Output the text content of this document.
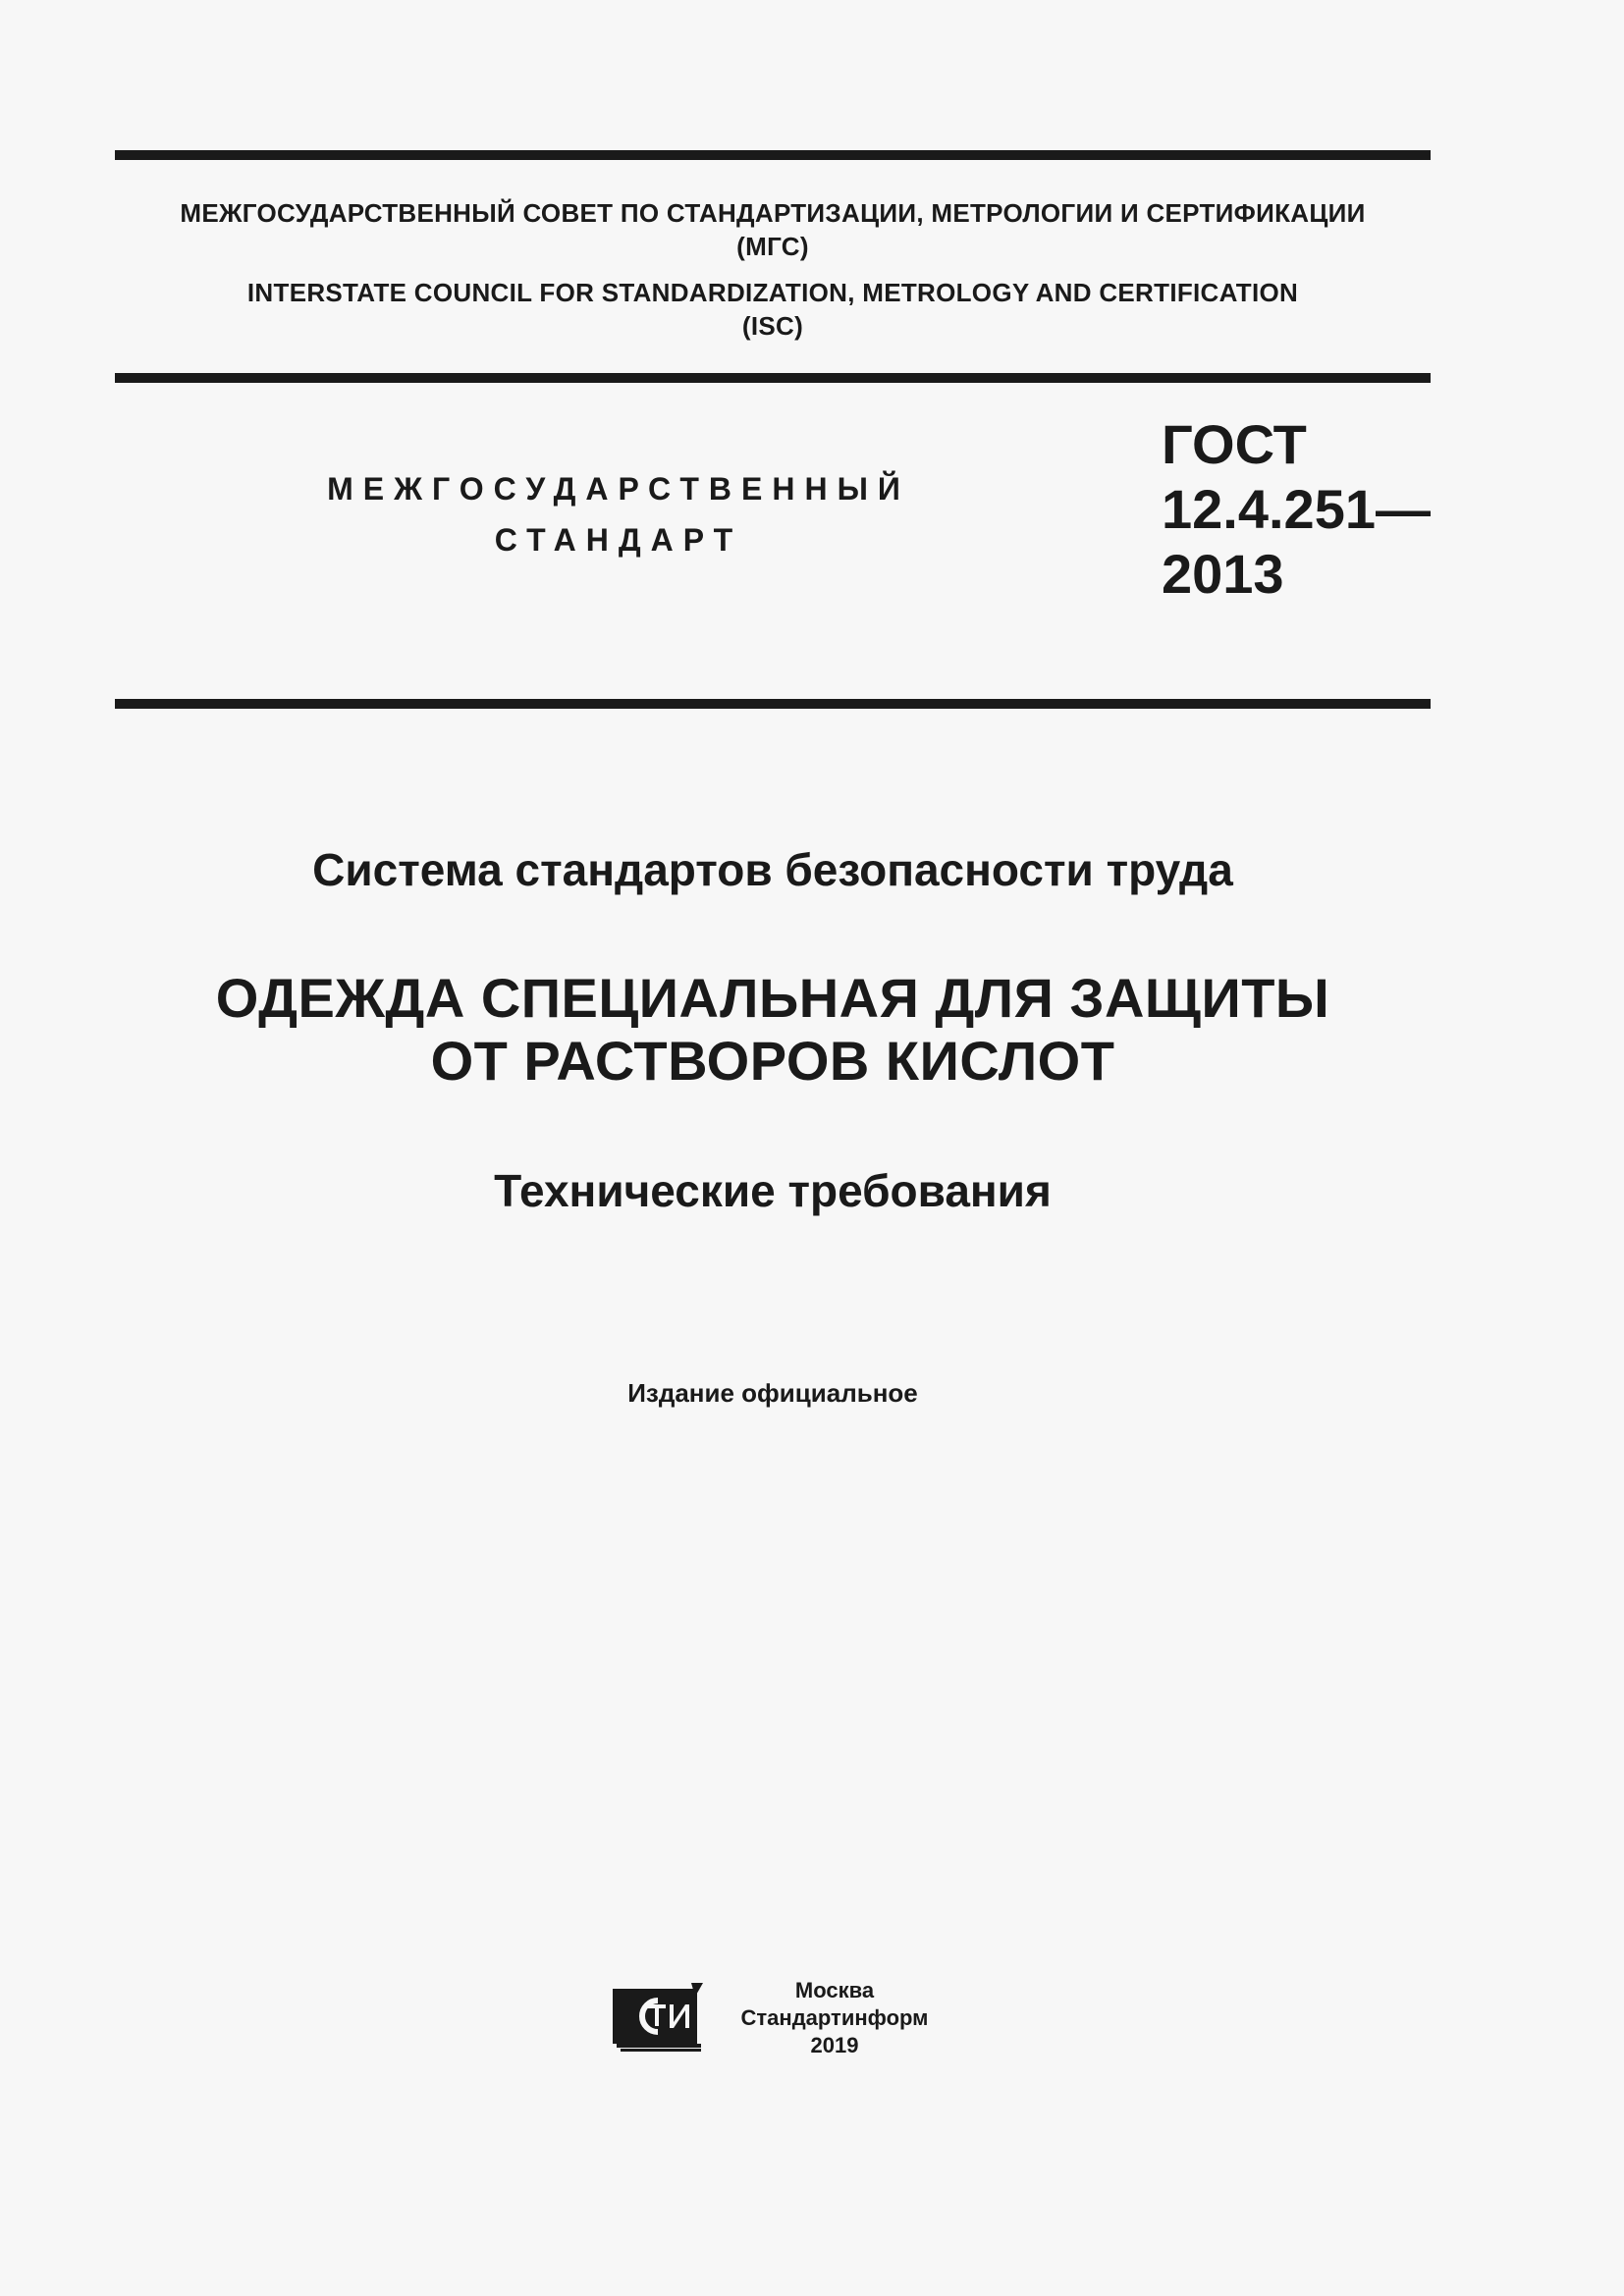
МЕЖГОСУДАРСТВЕННЫЙ СОВЕТ ПО СТАНДАРТИЗАЦИИ, МЕТРОЛОГИИ И СЕРТИФИКАЦИИ
(МГС)
INTERSTATE COUNCIL FOR STANDARDIZATION, METROLOGY AND CERTIFICATION
(ISC)
МЕЖГОСУДАРСТВЕННЫЙ
СТАНДАРТ
ГОСТ
12.4.251—
2013
Система стандартов безопасности труда
ОДЕЖДА СПЕЦИАЛЬНАЯ ДЛЯ ЗАЩИТЫ
ОТ РАСТВОРОВ КИСЛОТ
Технические требования
Издание официальное
Москва
Стандартинформ
2019
